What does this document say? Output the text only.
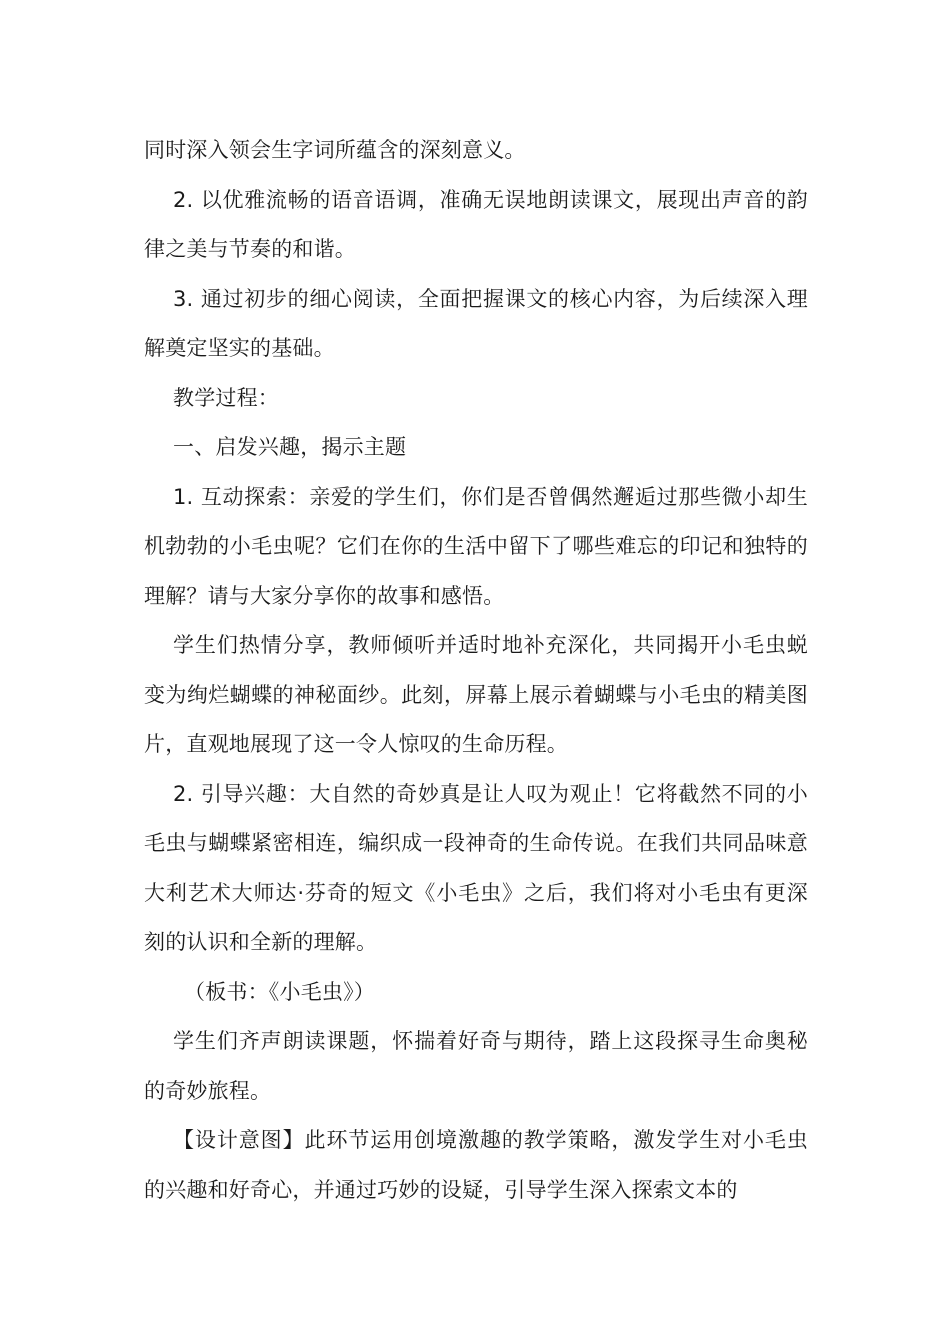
同时深入领会生字词所蕴含的深刻意义。

2. 以优雅流畅的语音语调，准确无误地朗读课文，展现出声音的韵律之美与节奏的和谐。

3. 通过初步的细心阅读，全面把握课文的核心内容，为后续深入理解奠定坚实的基础。

教学过程：

一、启发兴趣，揭示主题

1. 互动探索：亲爱的学生们，你们是否曾偶然邂逅过那些微小却生机勃勃的小毛虫呢？它们在你的生活中留下了哪些难忘的印记和独特的理解？请与大家分享你的故事和感悟。

学生们热情分享，教师倾听并适时地补充深化，共同揭开小毛虫蜕变为绚烂蝴蝶的神秘面纱。此刻，屏幕上展示着蝴蝶与小毛虫的精美图片，直观地展现了这一令人惊叹的生命历程。

2. 引导兴趣：大自然的奇妙真是让人叹为观止！它将截然不同的小毛虫与蝴蝶紧密相连，编织成一段神奇的生命传说。在我们共同品味意大利艺术大师达·芬奇的短文《小毛虫》之后，我们将对小毛虫有更深刻的认识和全新的理解。

（板书：《小毛虫》）

学生们齐声朗读课题，怀揣着好奇与期待，踏上这段探寻生命奥秘的奇妙旅程。

【设计意图】此环节运用创境激趣的教学策略，激发学生对小毛虫的兴趣和好奇心，并通过巧妙的设疑，引导学生深入探索文本的
